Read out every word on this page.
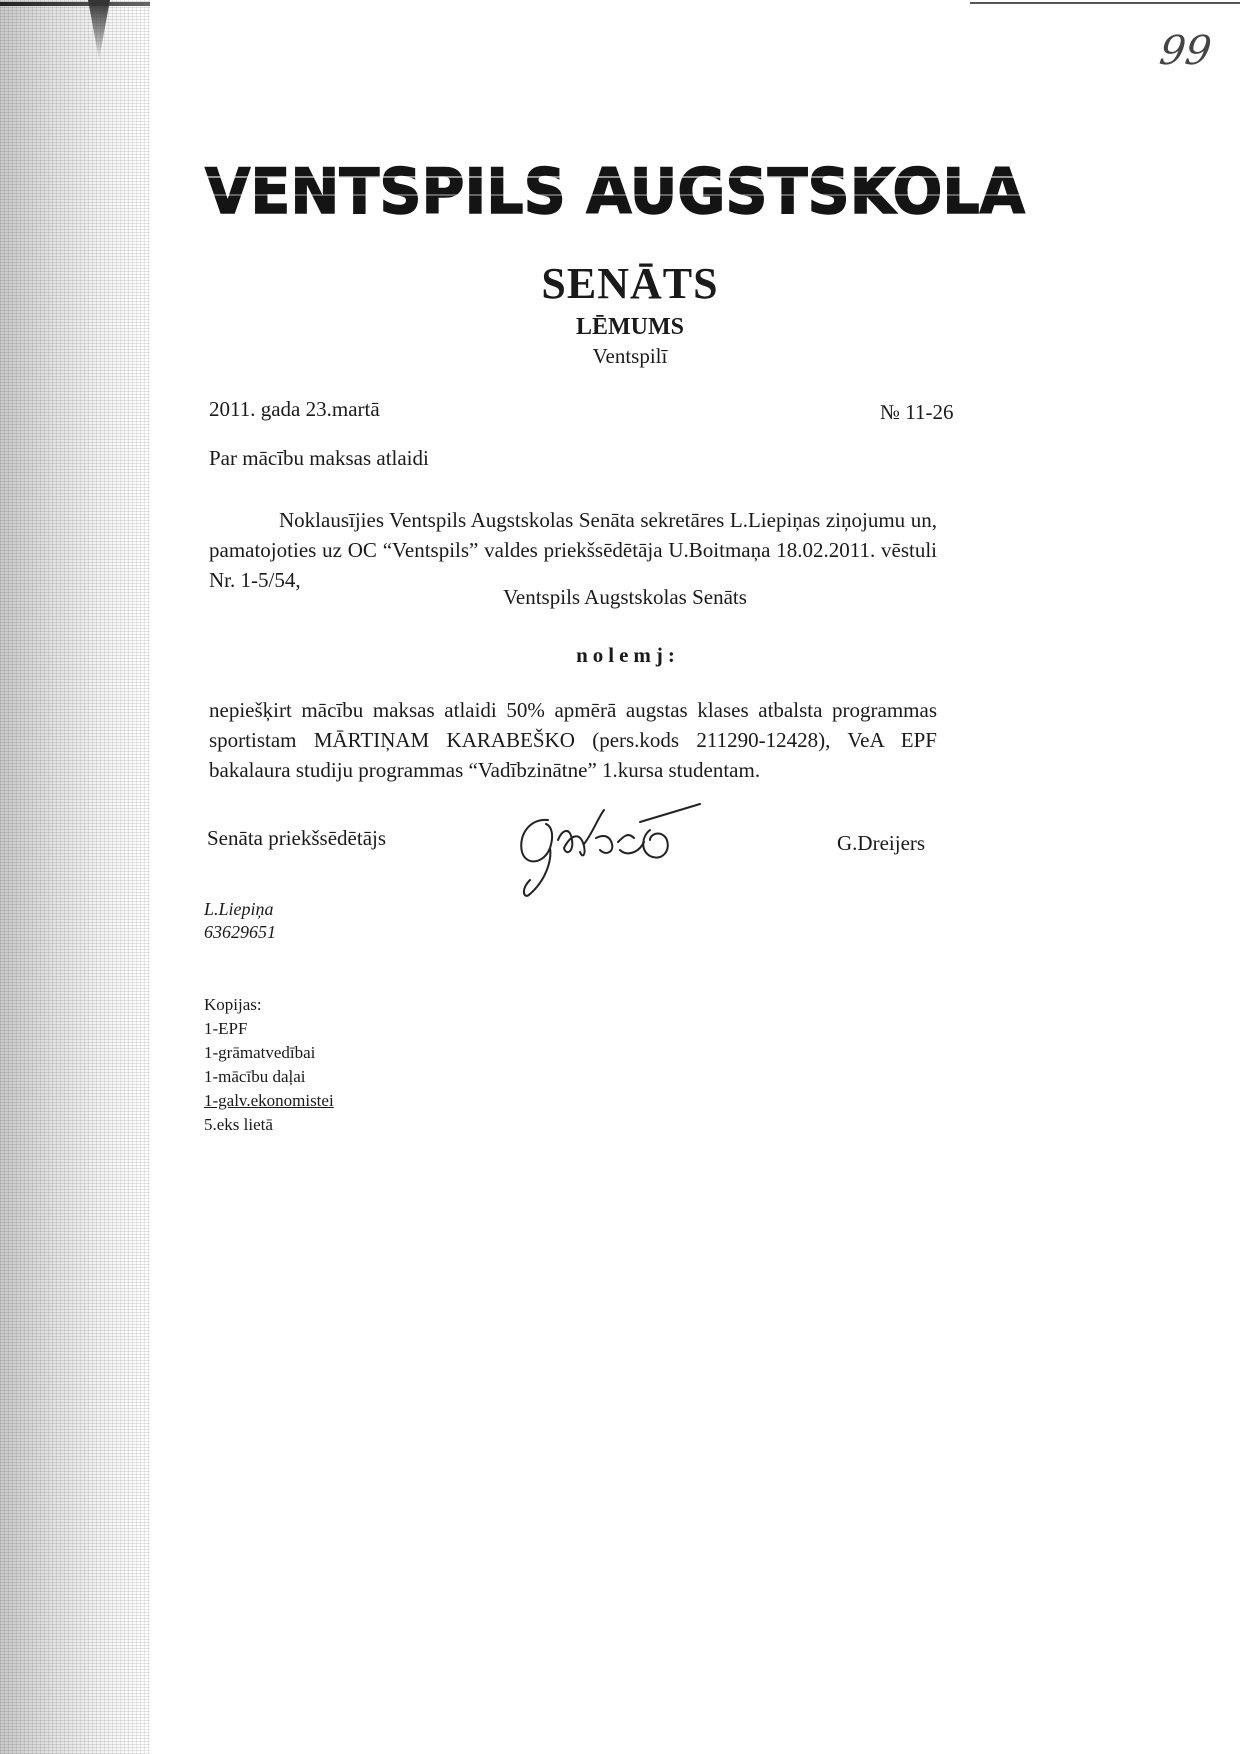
99
VENTSPILS AUGSTSKOLA
SENĀTS
LĒMUMS
Ventspilī
2011. gada 23.martā	№ 11-26
Par mācību maksas atlaidi
Noklausījies Ventspils Augstskolas Senāta sekretāres L.Liepiņas ziņojumu un, pamatojoties uz OC “Ventspils” valdes priekšsēdētāja U.Boitmaņa 18.02.2011. vēstuli Nr. 1-5/54,
Ventspils Augstskolas Senāts
nolemj:
nepiešķirt mācību maksas atlaidi 50% apmērā augstas klases atbalsta programmas sportistam MĀRTIŅAM KARABEŠKO (pers.kods 211290-12428), VeA EPF bakalaura studiju programmas “Vadībzinātne” 1.kursa studentam.
Senāta priekšsēdētājs	G.Dreijers
L.Liepiņa
63629651
Kopijas:
1-EPF
1-grāmatvedībai
1-mācību daļai
1-galv.ekonomistei
5.eks lietā
